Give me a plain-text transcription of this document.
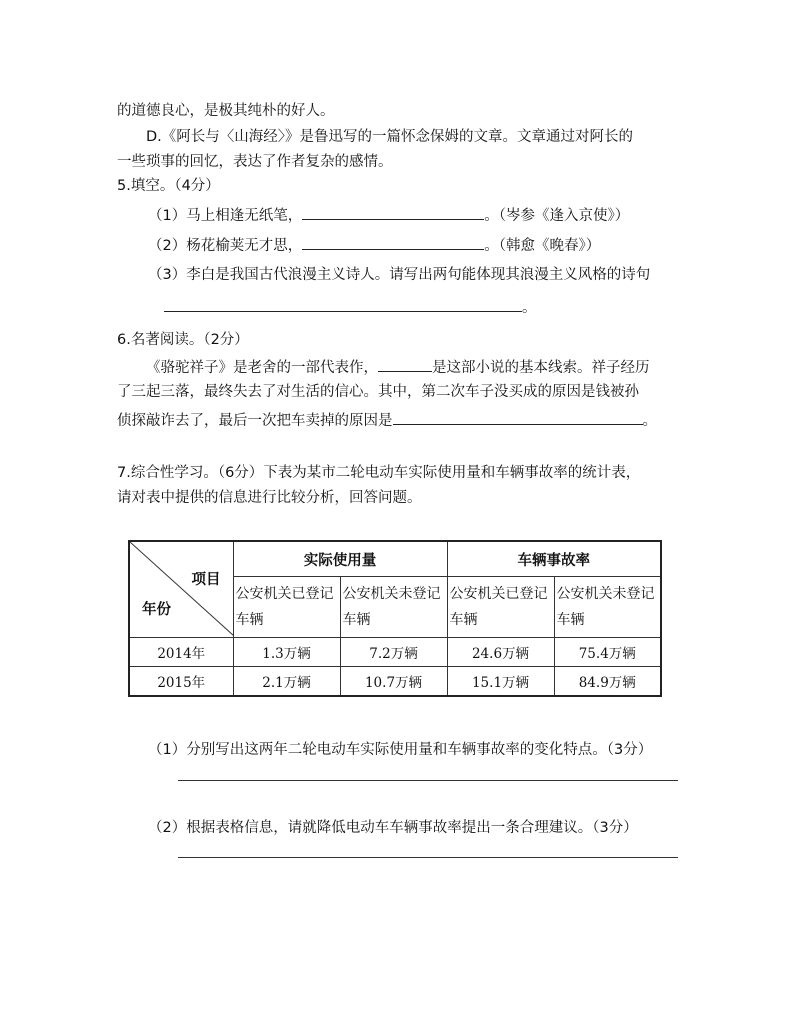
的道德良心，是极其纯朴的好人。
D.《阿长与〈山海经〉》是鲁迅写的一篇怀念保姆的文章。文章通过对阿长的
一些琐事的回忆，表达了作者复杂的感情。
5.填空。（4分）
（1）马上相逢无纸笔，	。（岑参《逢入京使》）
（2）杨花榆荚无才思，	。（韩愈《晚春》）
（3）李白是我国古代浪漫主义诗人。请写出两句能体现其浪漫主义风格的诗句
。
6.名著阅读。（2分）
《骆驼祥子》是老舍的一部代表作，	是这部小说的基本线索。祥子经历
了三起三落，最终失去了对生活的信心。其中，第二次车子没买成的原因是钱被孙
侦探敲诈去了，最后一次把车卖掉的原因是	。
7.综合性学习。（6分）下表为某市二轮电动车实际使用量和车辆事故率的统计表，
请对表中提供的信息进行比较分析，回答问题。
项目
年份	实际使用量		车辆事故率	
	公安机关已登记车辆	公安机关未登记车辆	公安机关已登记车辆	公安机关未登记车辆
2014年	1.3万辆	7.2万辆	24.6万辆	75.4万辆
2015年	2.1万辆	10.7万辆	15.1万辆	84.9万辆
（1）分别写出这两年二轮电动车实际使用量和车辆事故率的变化特点。（3分）
（2）根据表格信息，请就降低电动车车辆事故率提出一条合理建议。（3分）
